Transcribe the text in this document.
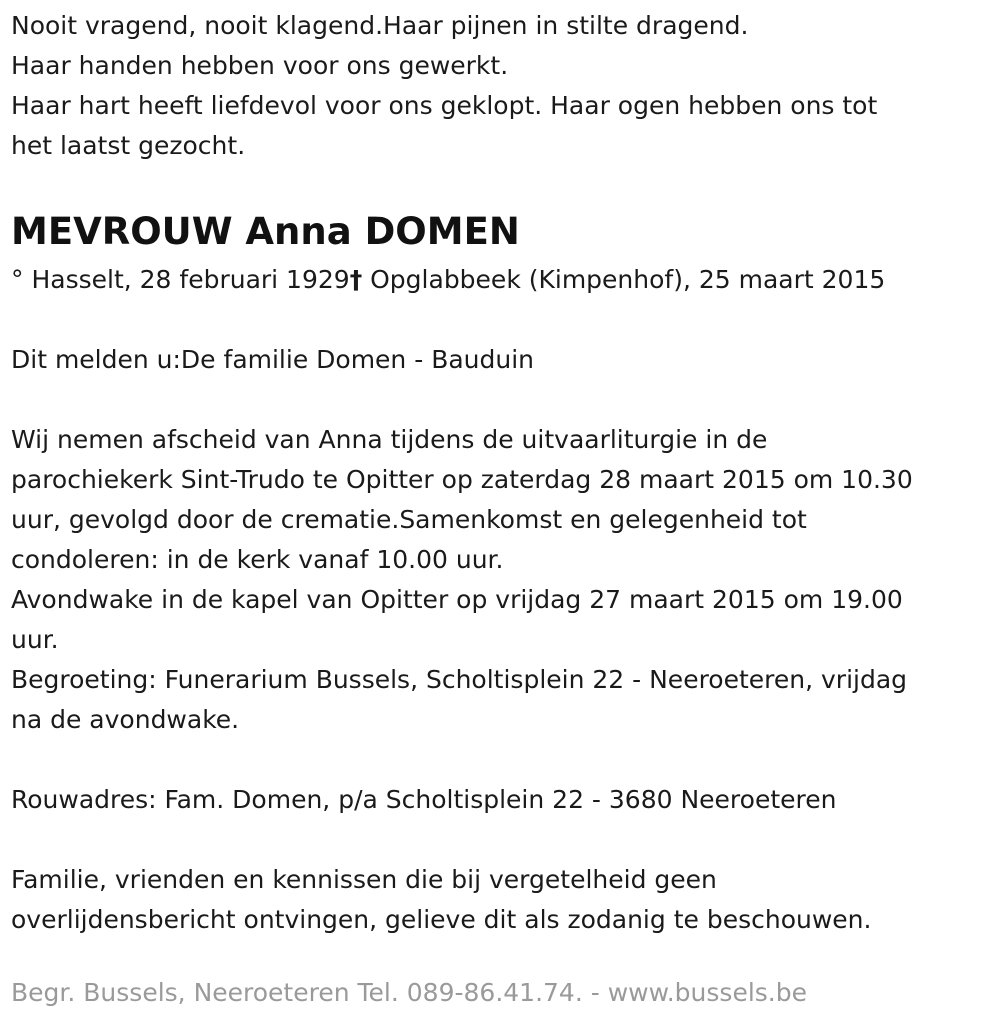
Nooit vragend, nooit klagend.Haar pijnen in stilte dragend.

Haar handen hebben voor ons gewerkt.

Haar hart heeft liefdevol voor ons geklopt. Haar ogen hebben ons tot

het laatst gezocht.

MEVROUW Anna DOMEN

° Hasselt, 28 februari 1929† Opglabbeek (Kimpenhof), 25 maart 2015

Dit melden u:De familie Domen - Bauduin

Wij nemen afscheid van Anna tijdens de uitvaarliturgie in de

parochiekerk Sint-Trudo te Opitter op zaterdag 28 maart 2015 om 10.30

uur, gevolgd door de crematie.Samenkomst en gelegenheid tot

condoleren: in de kerk vanaf 10.00 uur.

Avondwake in de kapel van Opitter op vrijdag 27 maart 2015 om 19.00

uur.

Begroeting: Funerarium Bussels, Scholtisplein 22 - Neeroeteren, vrijdag

na de avondwake.

Rouwadres: Fam. Domen, p/a Scholtisplein 22 - 3680 Neeroeteren

Familie, vrienden en kennissen die bij vergetelheid geen

overlijdensbericht ontvingen, gelieve dit als zodanig te beschouwen.

Begr. Bussels, Neeroeteren Tel. 089-86.41.74. - www.bussels.be
